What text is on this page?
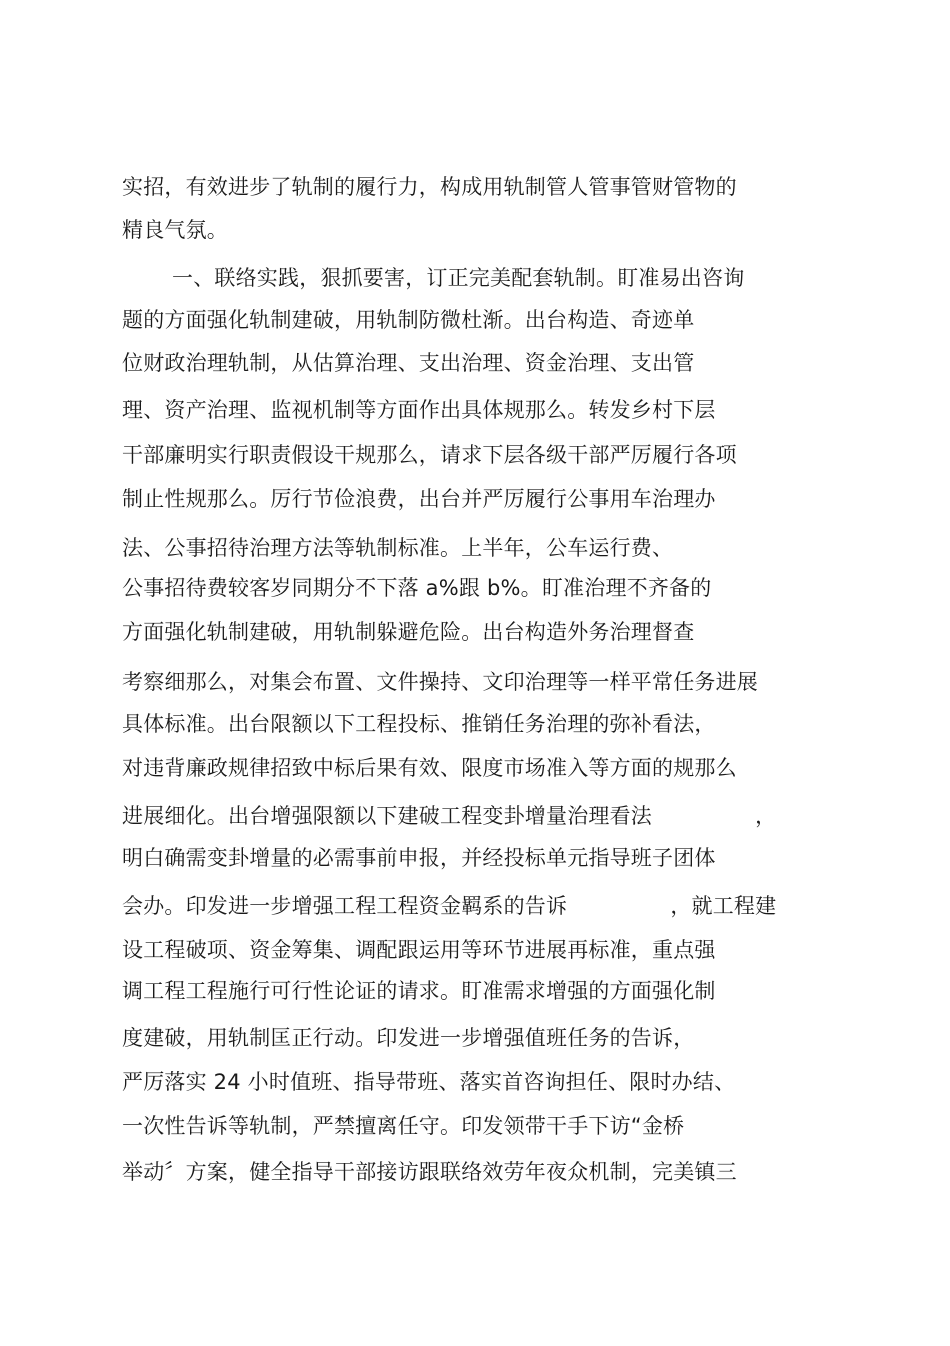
实招，有效进步了轨制的履行力，构成用轨制管人管事管财管物的

精良气氛。

一、联络实践，狠抓要害，订正完美配套轨制。盯准易出咨询

题的方面强化轨制建破，用轨制防微杜渐。出台构造、奇迹单

位财政治理轨制，从估算治理、支出治理、资金治理、支出管

理、资产治理、监视机制等方面作出具体规那么。转发乡村下层

干部廉明实行职责假设干规那么，请求下层各级干部严厉履行各项

制止性规那么。厉行节俭浪费，出台并严厉履行公事用车治理办

法、公事招待治理方法等轨制标准。上半年，公车运行费、

公事招待费较客岁同期分不下落 a%跟 b%。盯准治理不齐备的

方面强化轨制建破，用轨制躲避危险。出台构造外务治理督查

考察细那么，对集会布置、文件操持、文印治理等一样平常任务进展

具体标准。出台限额以下工程投标、推销任务治理的弥补看法，

对违背廉政规律招致中标后果有效、限度市场准入等方面的规那么

进展细化。出台增强限额以下建破工程变卦增量治理看法               ，

明白确需变卦增量的必需事前申报，并经投标单元指导班子团体

会办。印发进一步增强工程工程资金羁系的告诉               ，就工程建

设工程破项、资金筹集、调配跟运用等环节进展再标准，重点强

调工程工程施行可行性论证的请求。盯准需求增强的方面强化制

度建破，用轨制匡正行动。印发进一步增强值班任务的告诉，

严厉落实 24 小时值班、指导带班、落实首咨询担任、限时办结、

一次性告诉等轨制，严禁擅离任守。印发领带干手下访“金桥

举动〞方案，健全指导干部接访跟联络效劳年夜众机制，完美镇三
